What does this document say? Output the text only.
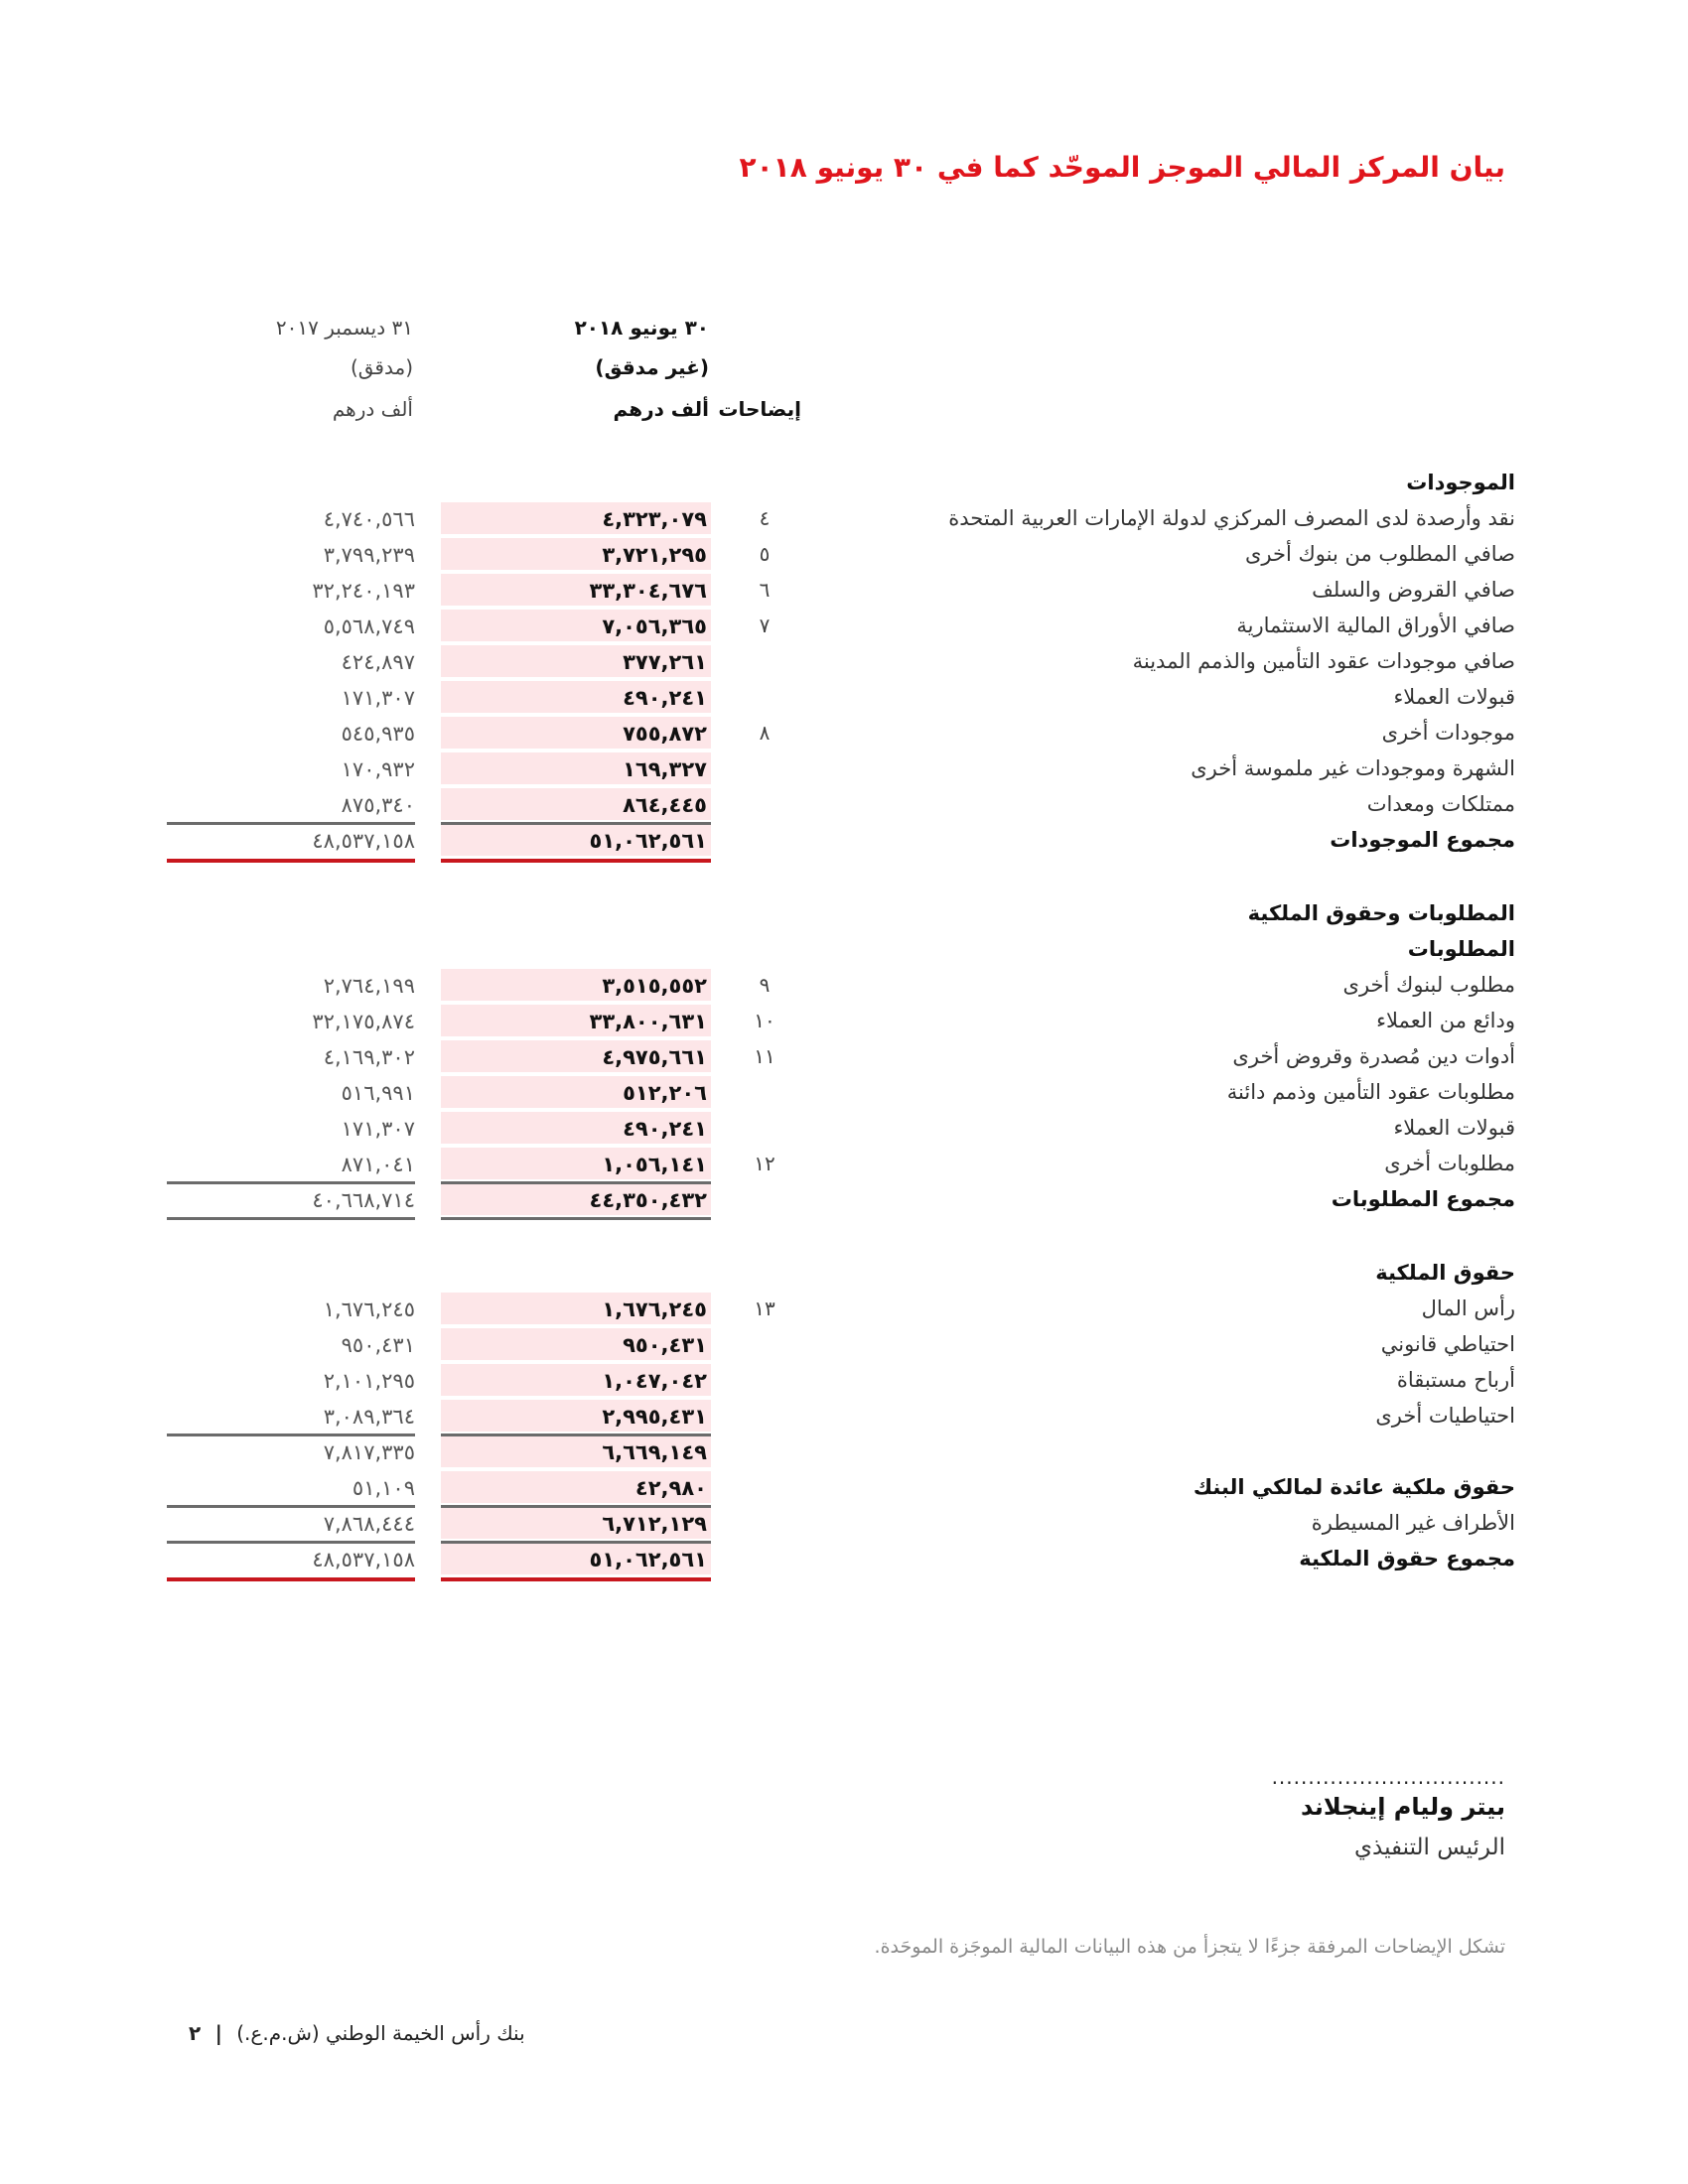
بيان المركز المالي الموجز الموحّد كما في ٣٠ يونيو ٢٠١٨
٣٠ يونيو ٢٠١٨
(غير مدقق)
ألف درهم إيضاحات
٣١ ديسمبر ٢٠١٧
(مدقق)
ألف درهم
الموجودات
نقد وأرصدة لدى المصرف المركزي لدولة الإمارات العربية المتحدة
٤
٤,٣٢٣,٠٧٩
٤,٧٤٠,٥٦٦
صافي المطلوب من بنوك أخرى
٥
٣,٧٢١,٢٩٥
٣,٧٩٩,٢٣٩
صافي القروض والسلف
٦
٣٣,٣٠٤,٦٧٦
٣٢,٢٤٠,١٩٣
صافي الأوراق المالية الاستثمارية
٧
٧,٠٥٦,٣٦٥
٥,٥٦٨,٧٤٩
صافي موجودات عقود التأمين والذمم المدينة
٣٧٧,٢٦١
٤٢٤,٨٩٧
قبولات العملاء
٤٩٠,٢٤١
١٧١,٣٠٧
موجودات أخرى
٨
٧٥٥,٨٧٢
٥٤٥,٩٣٥
الشهرة وموجودات غير ملموسة أخرى
١٦٩,٣٢٧
١٧٠,٩٣٢
ممتلكات ومعدات
٨٦٤,٤٤٥
٨٧٥,٣٤٠
مجموع الموجودات
٥١,٠٦٢,٥٦١
٤٨,٥٣٧,١٥٨
المطلوبات وحقوق الملكية
المطلوبات
مطلوب لبنوك أخرى
٩
٣,٥١٥,٥٥٢
٢,٧٦٤,١٩٩
ودائع من العملاء
١٠
٣٣,٨٠٠,٦٣١
٣٢,١٧٥,٨٧٤
أدوات دين مُصدرة وقروض أخرى
١١
٤,٩٧٥,٦٦١
٤,١٦٩,٣٠٢
مطلوبات عقود التأمين وذمم دائنة
٥١٢,٢٠٦
٥١٦,٩٩١
قبولات العملاء
٤٩٠,٢٤١
١٧١,٣٠٧
مطلوبات أخرى
١٢
١,٠٥٦,١٤١
٨٧١,٠٤١
مجموع المطلوبات
٤٤,٣٥٠,٤٣٢
٤٠,٦٦٨,٧١٤
حقوق الملكية
رأس المال
١٣
١,٦٧٦,٢٤٥
١,٦٧٦,٢٤٥
احتياطي قانوني
٩٥٠,٤٣١
٩٥٠,٤٣١
أرباح مستبقاة
١,٠٤٧,٠٤٢
٢,١٠١,٢٩٥
احتياطيات أخرى
٢,٩٩٥,٤٣١
٣,٠٨٩,٣٦٤
٦,٦٦٩,١٤٩
٧,٨١٧,٣٣٥
حقوق ملكية عائدة لمالكي البنك
٤٢,٩٨٠
٥١,١٠٩
الأطراف غير المسيطرة
٦,٧١٢,١٢٩
٧,٨٦٨,٤٤٤
مجموع حقوق الملكية
٥١,٠٦٢,٥٦١
٤٨,٥٣٧,١٥٨
................................
بيتر وليام إينجلاند
الرئيس التنفيذي
تشكل الإيضاحات المرفقة جزءًا لا يتجزأ من هذه البيانات المالية الموجَزة الموحَدة.
بنك رأس الخيمة الوطني (ش.م.ع.) | ٢
